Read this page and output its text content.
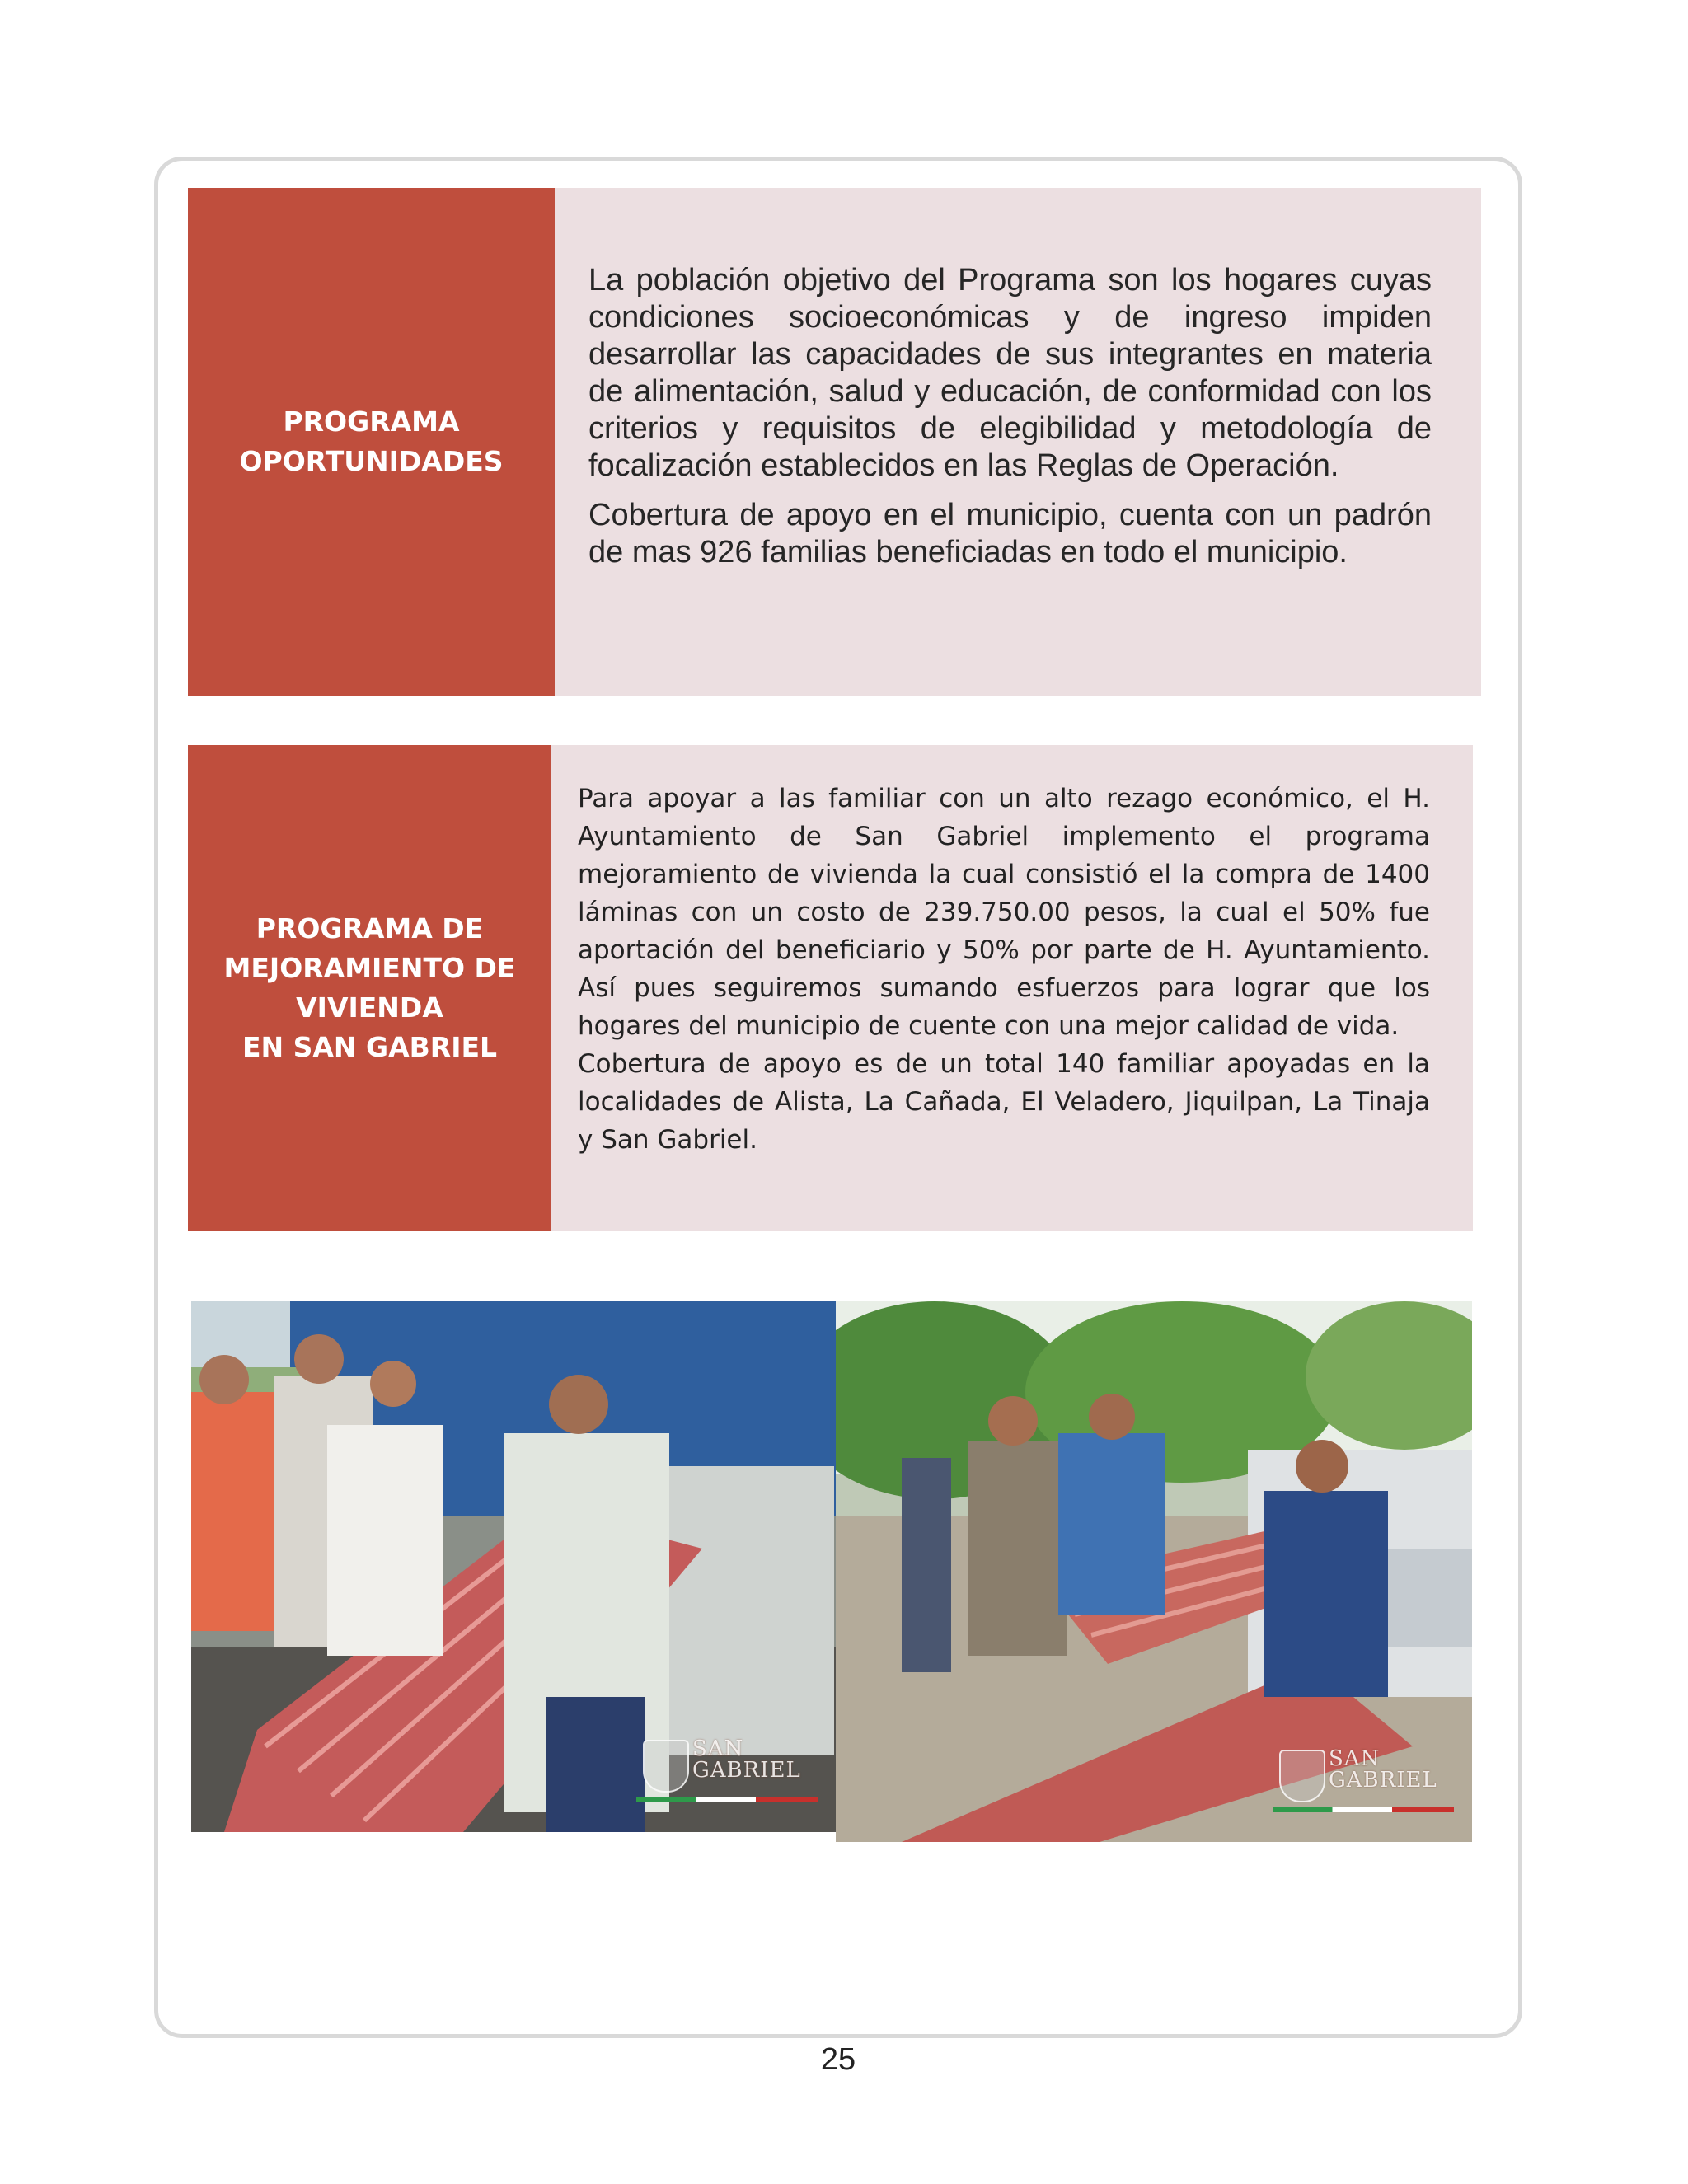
PROGRAMA
OPORTUNIDADES

La población objetivo del Programa son los hogares cuyas condiciones socioeconómicas y de ingreso impiden desarrollar las capacidades de sus integrantes en materia de alimentación, salud y educación, de conformidad con los criterios y requisitos de elegibilidad y metodología de focalización establecidos en las Reglas de Operación.

Cobertura de apoyo en el municipio, cuenta con un padrón de mas 926 familias beneficiadas en todo el municipio.

PROGRAMA DE
MEJORAMIENTO DE
VIVIENDA
EN SAN GABRIEL

Para apoyar a las familiar con un alto rezago económico, el H. Ayuntamiento de San Gabriel implemento el programa mejoramiento de vivienda la cual consistió el la compra de 1400 láminas con un costo de 239.750.00 pesos, la cual el 50% fue aportación del beneficiario y 50% por parte de H. Ayuntamiento. Así pues seguiremos sumando esfuerzos para lograr que los hogares del municipio de cuente con una mejor calidad de vida.

Cobertura de apoyo es de un total 140 familiar apoyadas en la localidades de Alista, La Cañada, El Veladero, Jiquilpan, La Tinaja y San Gabriel.

SAN
GABRIEL	SAN
GABRIEL
25
